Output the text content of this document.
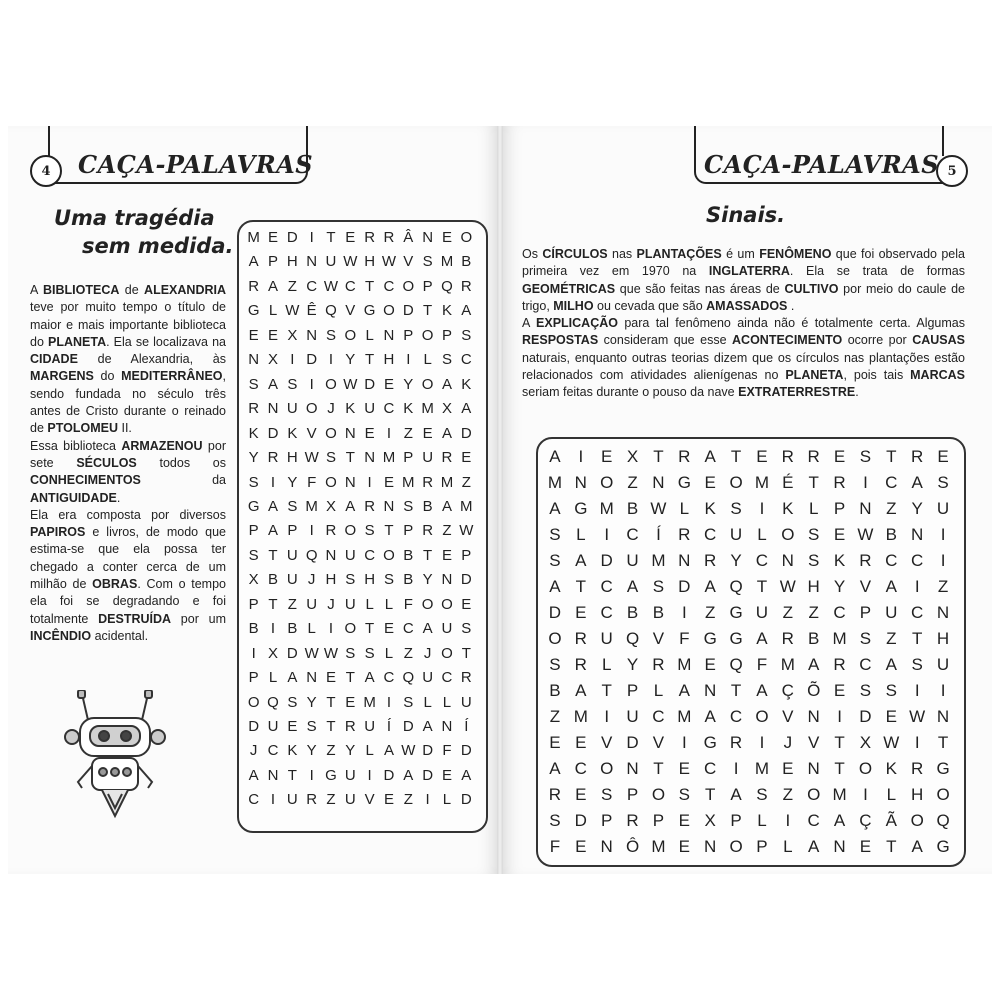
4	CAÇA-PALAVRAS
Uma tragédia
sem medida.
A BIBLIOTECA de ALEXANDRIA teve por muito tempo o título de maior e mais importante biblioteca do PLANETA. Ela se localizava na CIDADE de Alexandria, às MARGENS do MEDITERRÂNEO, sendo fundada no século três antes de Cristo durante o reinado de PTOLOMEU II.
Essa biblioteca ARMAZENOU por sete SÉCULOS todos os CONHECIMENTOS da ANTIGUIDADE.
Ela era composta por diversos PAPIROS e livros, de modo que estima-se que ela possa ter chegado a conter cerca de um milhão de OBRAS. Com o tempo ela foi se degradando e foi totalmente DESTRUÍDA por um INCÊNDIO acidental.
M E D I T E R R Â N E O
A P H N U W H W V S M B
R A Z C W C T C O P Q R
G L W Ê Q V G O D T K A
E E X N S O L N P O P S
N X I D I Y T H I L S C
S A S I O W D E Y O A K
R N U O J K U C K M X A
K D K V O N E I Z E A D
Y R H W S T N M P U R E
S I Y F O N I E M R M Z
G A S M X A R N S B A M
P A P I R O S T P R Z W
S T U Q N U C O B T E P
X B U J H S H S B Y N D
P T Z U J U L L F O O E
B I B L I O T E C A U S
I X D W W S S L Z J O T
P L A N E T A C Q U C R
O Q S Y T E M I S L L U
D U E S T R U Í D A N Í
J C K Y Z Y L A W D F D
A N T I G U I D A D E A
C I U R Z U V E Z I L D
5
CAÇA-PALAVRAS
Sinais.
Os CÍRCULOS nas PLANTAÇÕES é um FENÔMENO que foi observado pela primeira vez em 1970 na INGLATERRA. Ela se trata de formas GEOMÉTRICAS que são feitas nas áreas de CULTIVO por meio do caule de trigo, MILHO ou cevada que são AMASSADOS .
A EXPLICAÇÃO para tal fenômeno ainda não é totalmente certa. Algumas RESPOSTAS consideram que esse ACONTECIMENTO ocorre por CAUSAS naturais, enquanto outras teorias dizem que os círculos nas plantações estão relacionados com atividades alienígenas no PLANETA, pois tais MARCAS seriam feitas durante o pouso da nave EXTRATERRESTRE.
A	I	E X T R A T E R R E S T R E
M N O Z N G E O M É T R	I	C A S
A G M B W L K S	I	K L P N Z Y U
S L	I	C	Í	R C U L O S E W B N	I
S A D U M N R Y C N S K R C C	I
A T C A S D A Q T W H Y V A	I	Z
D E C B B	I	Z G U Z Z C P U C N
O R U Q V F G G A R B M S Z T H
S R L Y R M E Q F M A R C A S U
B A T P L A N T A Ç Õ E S S	I	I
Z M I	U C M A C O V N	I	D E W N
E E V D V	I G R	I	J V T X W I	T
A C O N T E C	I M E N T O K R G
R E S P O S T A S Z O M I	L H O
S D P R P E X P L	I	C A Ç Ã O Q
F E N Ô M E N O P L A N E T A G
